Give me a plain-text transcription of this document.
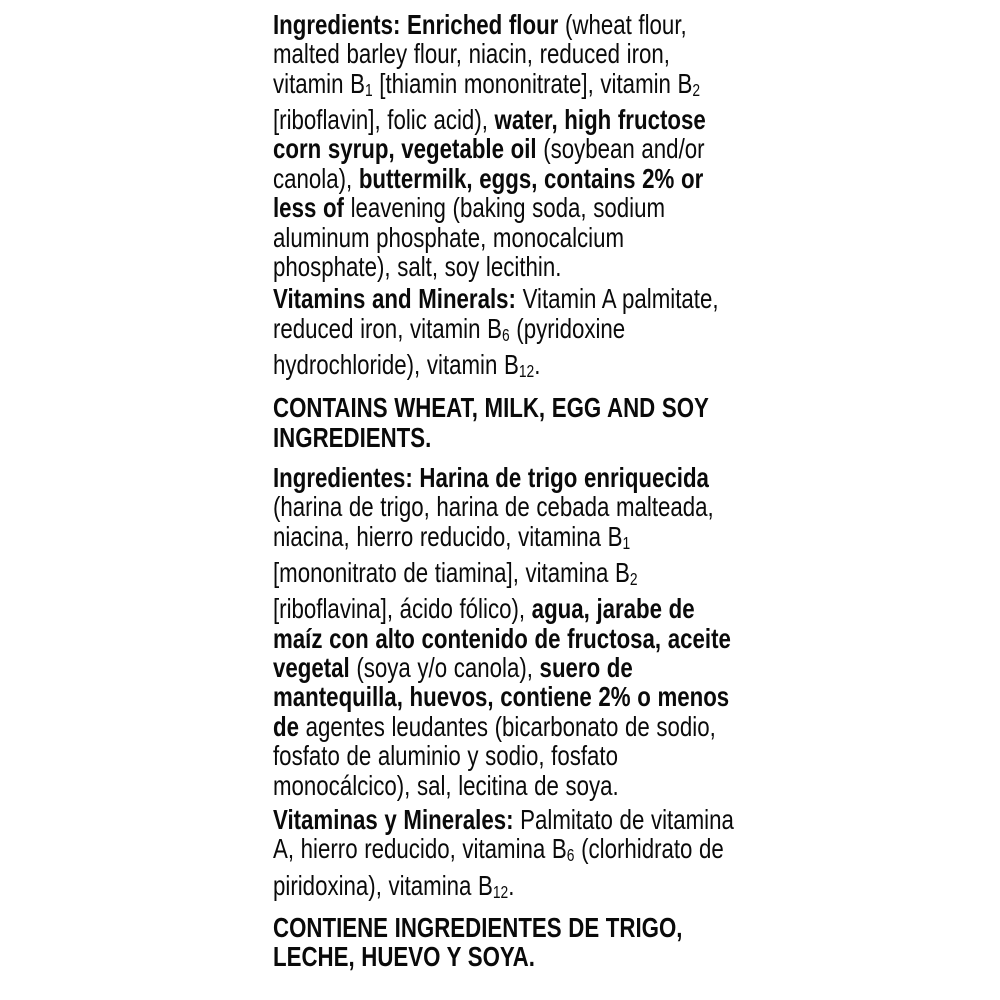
Ingredients: Enriched flour (wheat flour, malted barley flour, niacin, reduced iron, vitamin B1 [thiamin mononitrate], vitamin B2 [riboflavin], folic acid), water, high fructose corn syrup, vegetable oil (soybean and/or canola), buttermilk, eggs, contains 2% or less of leavening (baking soda, sodium aluminum phosphate, monocalcium phosphate), salt, soy lecithin.

Vitamins and Minerals: Vitamin A palmitate, reduced iron, vitamin B6 (pyridoxine hydrochloride), vitamin B12.

CONTAINS WHEAT, MILK, EGG AND SOY INGREDIENTS.

Ingredientes: Harina de trigo enriquecida (harina de trigo, harina de cebada malteada, niacina, hierro reducido, vitamina B1 [mononitrato de tiamina], vitamina B2 [riboflavina], ácido fólico), agua, jarabe de maíz con alto contenido de fructosa, aceite vegetal (soya y/o canola), suero de mantequilla, huevos, contiene 2% o menos de agentes leudantes (bicarbonato de sodio, fosfato de aluminio y sodio, fosfato monocálcico), sal, lecitina de soya.

Vitaminas y Minerales: Palmitato de vitamina A, hierro reducido, vitamina B6 (clorhidrato de piridoxina), vitamina B12.

CONTIENE INGREDIENTES DE TRIGO, LECHE, HUEVO Y SOYA.
